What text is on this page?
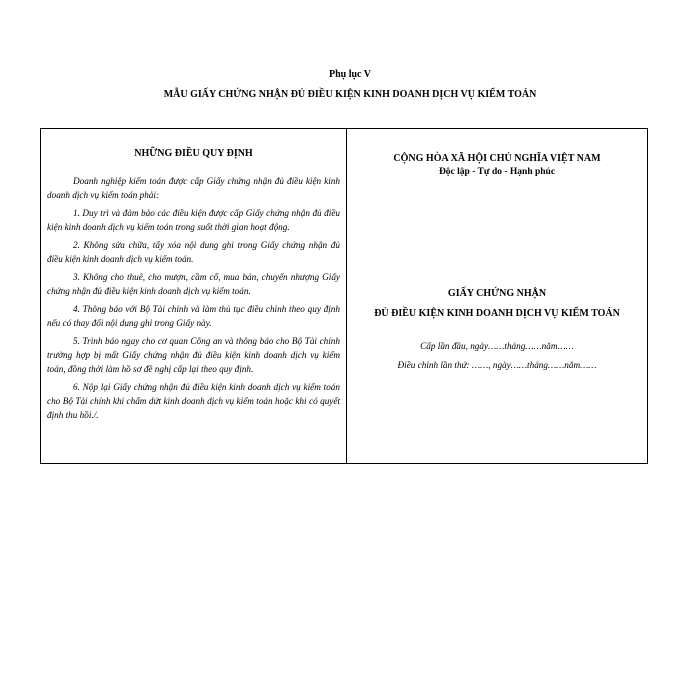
Phụ lục V
MẪU GIẤY CHỨNG NHẬN ĐỦ ĐIỀU KIỆN KINH DOANH DỊCH VỤ KIỂM TOÁN
NHỮNG ĐIỀU QUY ĐỊNH

Doanh nghiệp kiểm toán được cấp Giấy chứng nhận đủ điều kiện kinh doanh dịch vụ kiểm toán phải:

1. Duy trì và đảm bảo các điều kiện được cấp Giấy chứng nhận đủ điều kiện kinh doanh dịch vụ kiểm toán trong suốt thời gian hoạt động.

2. Không sửa chữa, tẩy xóa nội dung ghi trong Giấy chứng nhận đủ điều kiện kinh doanh dịch vụ kiểm toán.

3. Không cho thuê, cho mượn, cầm cố, mua bán, chuyển nhượng Giấy chứng nhận đủ điều kiện kinh doanh dịch vụ kiểm toán.

4. Thông báo với Bộ Tài chính và làm thủ tục điều chỉnh theo quy định nếu có thay đổi nội dung ghi trong Giấy này.

5. Trình báo ngay cho cơ quan Công an và thông báo cho Bộ Tài chính trường hợp bị mất Giấy chứng nhận đủ điều kiện kinh doanh dịch vụ kiểm toán, đồng thời làm hồ sơ đề nghị cấp lại theo quy định.

6. Nộp lại Giấy chứng nhận đủ điều kiện kinh doanh dịch vụ kiểm toán cho Bộ Tài chính khi chấm dứt kinh doanh dịch vụ kiểm toán hoặc khi có quyết định thu hồi./.

CỘNG HÒA XÃ HỘI CHỦ NGHĨA VIỆT NAM
Độc lập - Tự do - Hạnh phúc
GIẤY CHỨNG NHẬN
ĐỦ ĐIỀU KIỆN KINH DOANH DỊCH VỤ KIỂM TOÁN
Cấp lần đầu, ngày……tháng……năm……
Điều chỉnh lần thứ: ……, ngày……tháng……năm……
